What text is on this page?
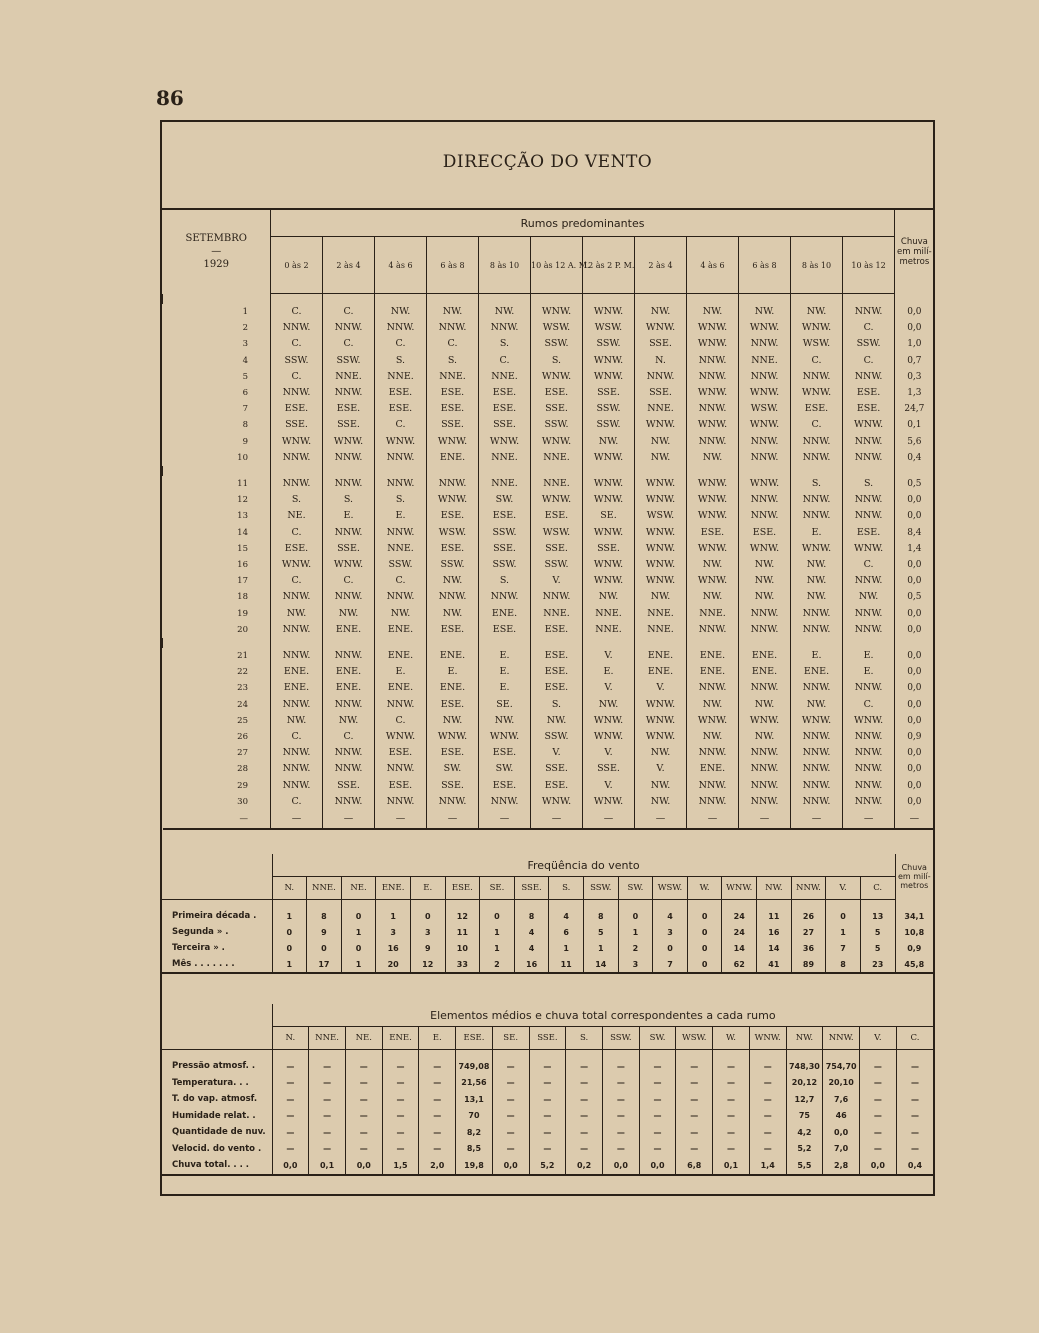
86
DIRECÇÃO DO VENTO
SETEMBRO
—
1929	Rumos predominantes												Chuva em milí- metros
	0 às 2	2 às 4	4 às 6	6 às 8	8 às 10	10 às 12 A. M.	12 às 2 P. M.	2 às 4	4 às 6	6 às 8	8 às 10	10 às 12	

1	C.	C.	NW.	NW.	NW.	WNW.	WNW.	NW.	NW.	NW.	NW.	NNW.	0,0
2	NNW.	NNW.	NNW.	NNW.	NNW.	WSW.	WSW.	WNW.	WNW.	WNW.	WNW.	C.	0,0
3	C.	C.	C.	C.	S.	SSW.	SSW.	SSE.	WNW.	NNW.	WSW.	SSW.	1,0
4	SSW.	SSW.	S.	S.	C.	S.	WNW.	N.	NNW.	NNE.	C.	C.	0,7
5	C.	NNE.	NNE.	NNE.	NNE.	WNW.	WNW.	NNW.	NNW.	NNW.	NNW.	NNW.	0,3
6	NNW.	NNW.	ESE.	ESE.	ESE.	ESE.	SSE.	SSE.	WNW.	WNW.	WNW.	ESE.	1,3
7	ESE.	ESE.	ESE.	ESE.	ESE.	SSE.	SSW.	NNE.	NNW.	WSW.	ESE.	ESE.	24,7
8	SSE.	SSE.	C.	SSE.	SSE.	SSW.	SSW.	WNW.	WNW.	WNW.	C.	WNW.	0,1
9	WNW.	WNW.	WNW.	WNW.	WNW.	WNW.	NW.	NW.	NNW.	NNW.	NNW.	NNW.	5,6
10	NNW.	NNW.	NNW.	ENE.	NNE.	NNE.	WNW.	NW.	NW.	NNW.	NNW.	NNW.	0,4

11	NNW.	NNW.	NNW.	NNW.	NNE.	NNE.	WNW.	WNW.	WNW.	WNW.	S.	S.	0,5
12	S.	S.	S.	WNW.	SW.	WNW.	WNW.	WNW.	WNW.	NNW.	NNW.	NNW.	0,0
13	NE.	E.	E.	ESE.	ESE.	ESE.	SE.	WSW.	WNW.	NNW.	NNW.	NNW.	0,0
14	C.	NNW.	NNW.	WSW.	SSW.	WSW.	WNW.	WNW.	ESE.	ESE.	E.	ESE.	8,4
15	ESE.	SSE.	NNE.	ESE.	SSE.	SSE.	SSE.	WNW.	WNW.	WNW.	WNW.	WNW.	1,4
16	WNW.	WNW.	SSW.	SSW.	SSW.	SSW.	WNW.	WNW.	NW.	NW.	NW.	C.	0,0
17	C.	C.	C.	NW.	S.	V.	WNW.	WNW.	WNW.	NW.	NW.	NNW.	0,0
18	NNW.	NNW.	NNW.	NNW.	NNW.	NNW.	NW.	NW.	NW.	NW.	NW.	NW.	0,5
19	NW.	NW.	NW.	NW.	ENE.	NNE.	NNE.	NNE.	NNE.	NNW.	NNW.	NNW.	0,0
20	NNW.	ENE.	ENE.	ESE.	ESE.	ESE.	NNE.	NNE.	NNW.	NNW.	NNW.	NNW.	0,0

21	NNW.	NNW.	ENE.	ENE.	E.	ESE.	V.	ENE.	ENE.	ENE.	E.	E.	0,0
22	ENE.	ENE.	E.	E.	E.	ESE.	E.	ENE.	ENE.	ENE.	ENE.	E.	0,0
23	ENE.	ENE.	ENE.	ENE.	E.	ESE.	V.	V.	NNW.	NNW.	NNW.	NNW.	0,0
24	NNW.	NNW.	NNW.	ESE.	SE.	S.	NW.	WNW.	NW.	NW.	NW.	C.	0,0
25	NW.	NW.	C.	NW.	NW.	NW.	WNW.	WNW.	WNW.	WNW.	WNW.	WNW.	0,0
26	C.	C.	WNW.	WNW.	WNW.	SSW.	WNW.	WNW.	NW.	NW.	NNW.	NNW.	0,9
27	NNW.	NNW.	ESE.	ESE.	ESE.	V.	V.	NW.	NNW.	NNW.	NNW.	NNW.	0,0
28	NNW.	NNW.	NNW.	SW.	SW.	SSE.	SSE.	V.	ENE.	NNW.	NNW.	NNW.	0,0
29	NNW.	SSE.	ESE.	SSE.	ESE.	ESE.	V.	NW.	NNW.	NNW.	NNW.	NNW.	0,0
30	C.	NNW.	NNW.	NNW.	NNW.	WNW.	WNW.	NW.	NNW.	NNW.	NNW.	NNW.	0,0
—	—	—	—	—	—	—	—	—	—	—	—	—	—
	Freqüência do vento																		Chuva em milí- metros
	N.	NNE.	NE.	ENE.	E.	ESE.	SE.	SSE.	S.	SSW.	SW.	WSW.	W.	WNW.	NW.	NNW.	V.	C.	

Primeira década .	1	8	0	1	0	12	0	8	4	8	0	4	0	24	11	26	0	13	34,1
Segunda » .	0	9	1	3	3	11	1	4	6	5	1	3	0	24	16	27	1	5	10,8
Terceira » .	0	0	0	16	9	10	1	4	1	1	2	0	0	14	14	36	7	5	0,9
Mês . . . . . . .	1	17	1	20	12	33	2	16	11	14	3	7	0	62	41	89	8	23	45,8
	Elementos médios e chuva total correspondentes a cada rumo																	
	N.	NNE.	NE.	ENE.	E.	ESE.	SE.	SSE.	S.	SSW.	SW.	WSW.	W.	WNW.	NW.	NNW.	V.	C.

Pressão atmosf. .	—	—	—	—	—	749,08	—	—	—	—	—	—	—	—	748,30	754,70	—	—
Temperatura. . .	—	—	—	—	—	21,56	—	—	—	—	—	—	—	—	20,12	20,10	—	—
T. do vap. atmosf.	—	—	—	—	—	13,1	—	—	—	—	—	—	—	—	12,7	7,6	—	—
Humidade relat. .	—	—	—	—	—	70	—	—	—	—	—	—	—	—	75	46	—	—
Quantidade de nuv.	—	—	—	—	—	8,2	—	—	—	—	—	—	—	—	4,2	0,0	—	—
Velocid. do vento .	—	—	—	—	—	8,5	—	—	—	—	—	—	—	—	5,2	7,0	—	—
Chuva total. . . .	0,0	0,1	0,0	1,5	2,0	19,8	0,0	5,2	0,2	0,0	0,0	6,8	0,1	1,4	5,5	2,8	0,0	0,4
